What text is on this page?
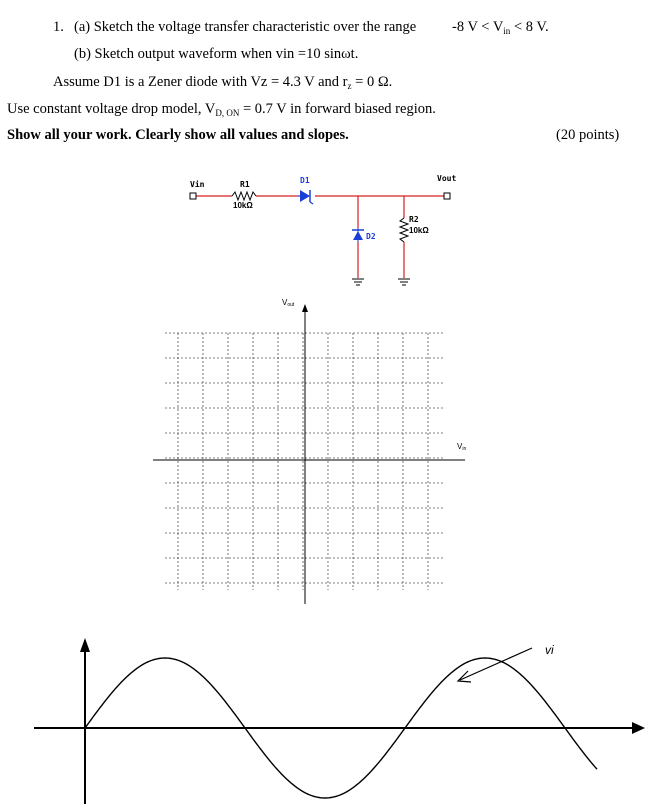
1. (a) Sketch the voltage transfer characteristic over the range -8 $V < V_{in} < 8$ V.
(b) Sketch output waveform when vin =10 sinωt.
Assume D1 is a Zener diode with Vz = 4.3 V and $r_z = 0$ Ω.
Use constant voltage drop model, $V_{D, ON} = 0.7$ V in forward biased region.
Show all your work. Clearly show all values and slopes.	(20 points)
Vin	R1
10kΩ
D1
D2
R2
10kΩ
Vout
$V_{out}$
$V_{in}$
vi
